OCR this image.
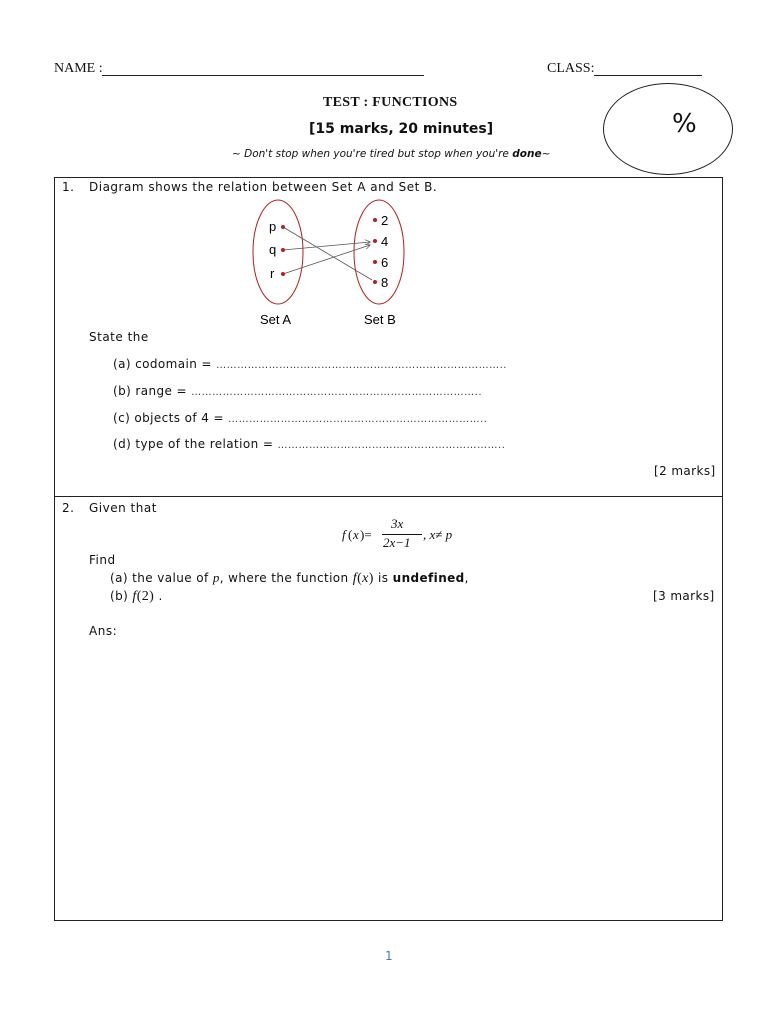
NAME :	CLASS:
TEST : FUNCTIONS
[15 marks, 20 minutes]
~ Don't stop when you're tired but stop when you're done~
%
1. Diagram shows the relation between Set A and Set B.
p
q
r
2
4
6
8
Set A	Set B
State the
(a) codomain = ………………………………………………………………………..
(b) range = ………………………………………………………………………..
(c) objects of 4 = ………………………………………………………………..
(d) type of the relation = ………………………………………………………..
[2 marks]
2. Given that
f ( x )=
3x
2x−1
, x≠ p
Find
(a) the value of p, where the function f(x) is undefined,
(b) f(2) .	[3 marks]
Ans:
1
